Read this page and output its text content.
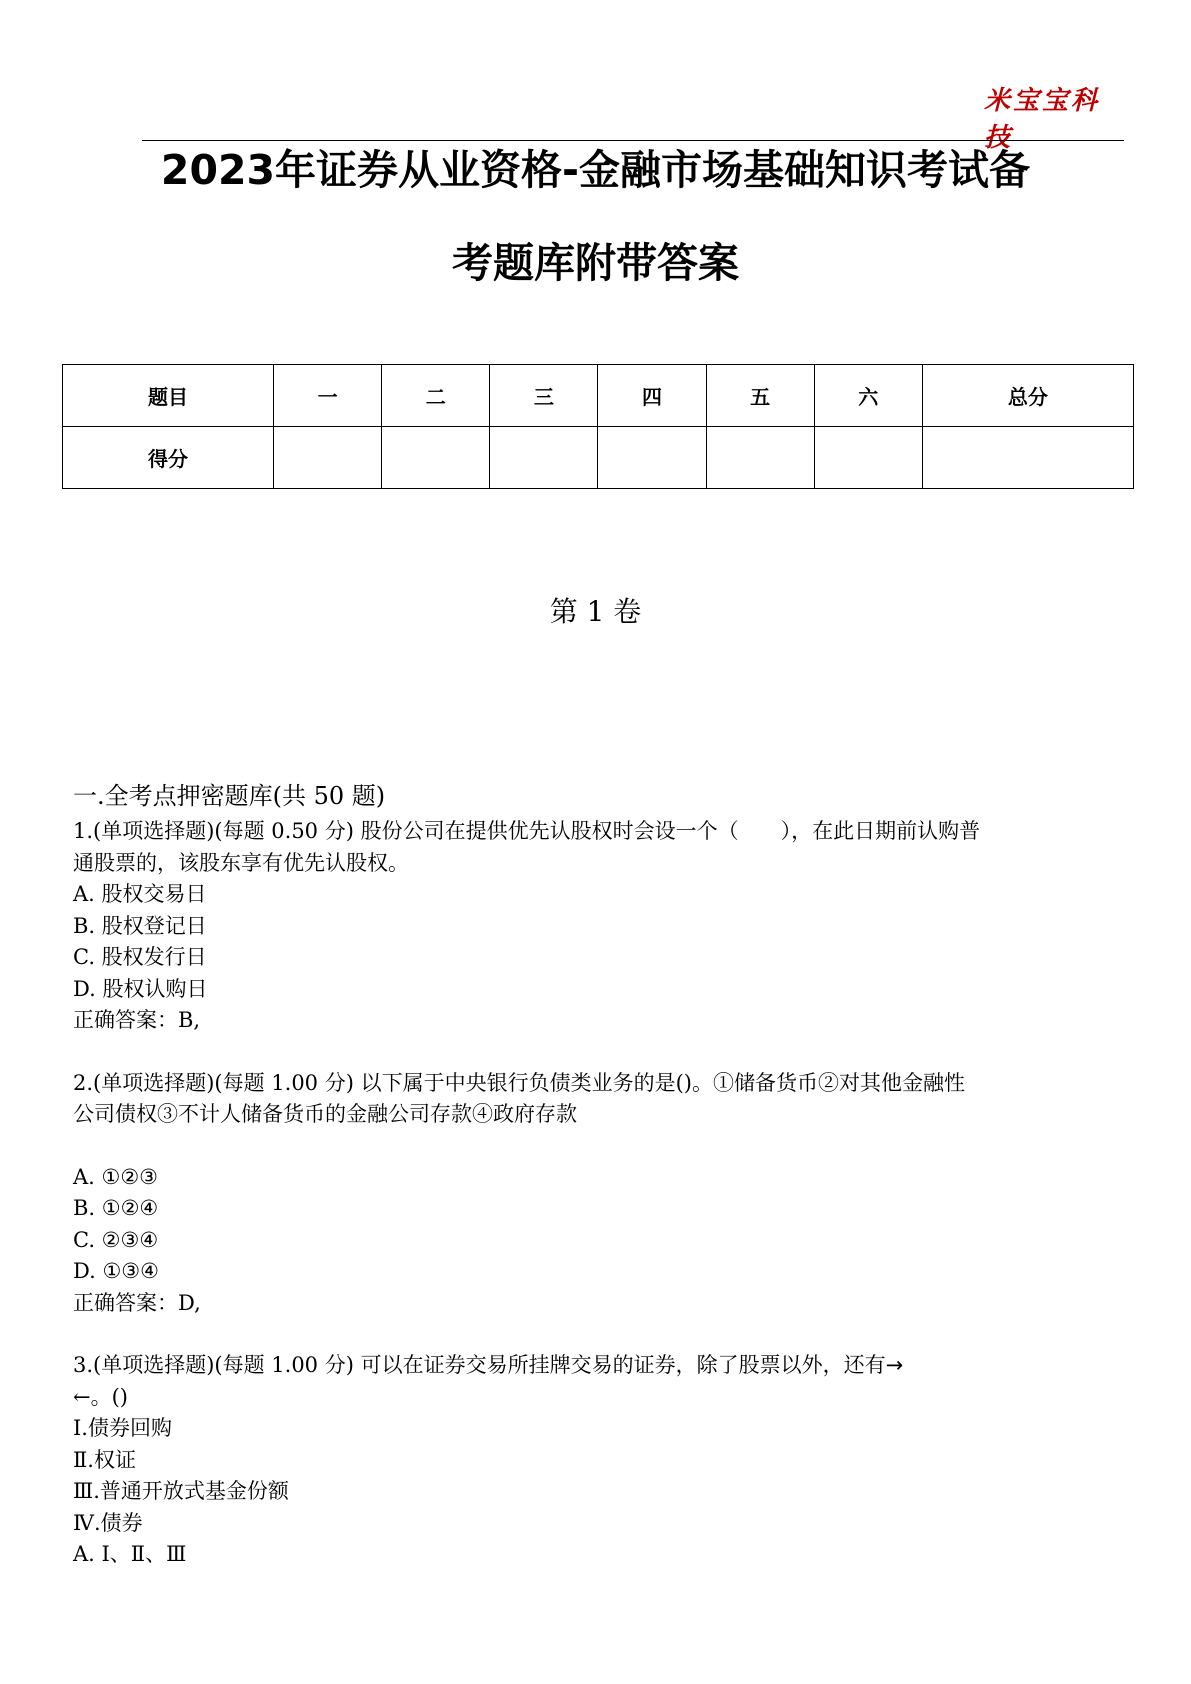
米宝宝科技
2023年证券从业资格-金融市场基础知识考试备
考题库附带答案
题目	一	二	三	四	五	六	总分
得分							
第 1 卷
一.全考点押密题库(共 50 题)

1.(单项选择题)(每题 0.50 分) 股份公司在提供优先认股权时会设一个（　　），在此日期前认购普

通股票的，该股东享有优先认股权。

A. 股权交易日

B. 股权登记日

C. 股权发行日

D. 股权认购日

正确答案：B,

2.(单项选择题)(每题 1.00 分) 以下属于中央银行负债类业务的是()。①储备货币②对其他金融性

公司债权③不计人储备货币的金融公司存款④政府存款

A. ①②③

B. ①②④

C. ②③④

D. ①③④

正确答案：D,

3.(单项选择题)(每题 1.00 分) 可以在证券交易所挂牌交易的证券，除了股票以外，还有→

←。()

Ⅰ.债券回购

Ⅱ.权证

Ⅲ.普通开放式基金份额

Ⅳ.债券

A. Ⅰ、Ⅱ、Ⅲ
